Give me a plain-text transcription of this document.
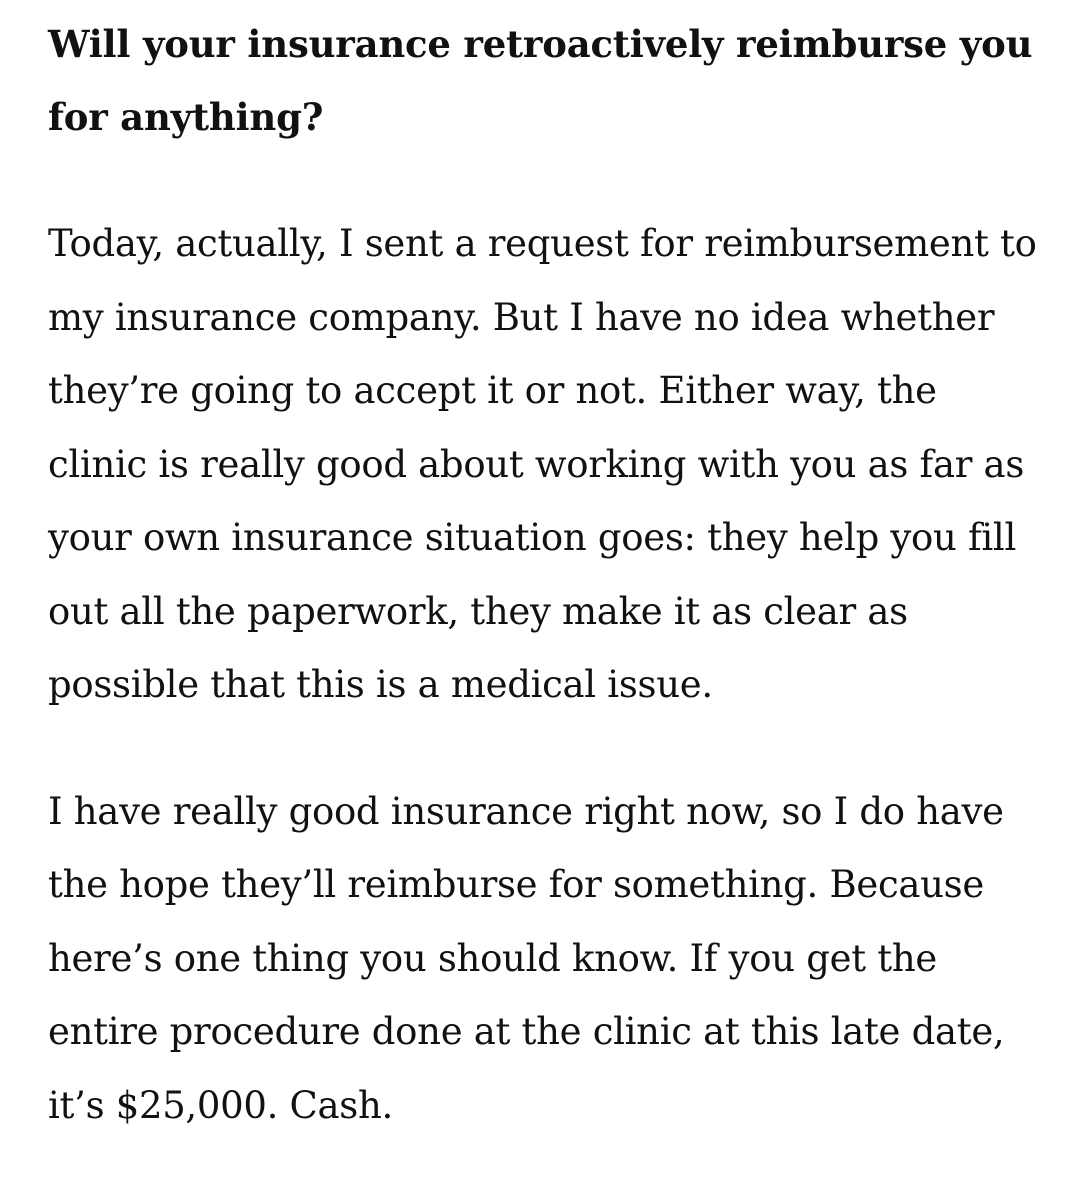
Will your insurance retroactively reimburse you for anything?

Today, actually, I sent a request for reimbursement to my insurance company. But I have no idea whether they’re going to accept it or not. Either way, the clinic is really good about working with you as far as your own insurance situation goes: they help you fill out all the paperwork, they make it as clear as possible that this is a medical issue.

I have really good insurance right now, so I do have the hope they’ll reimburse for something. Because here’s one thing you should know. If you get the entire procedure done at the clinic at this late date, it’s $25,000. Cash.
